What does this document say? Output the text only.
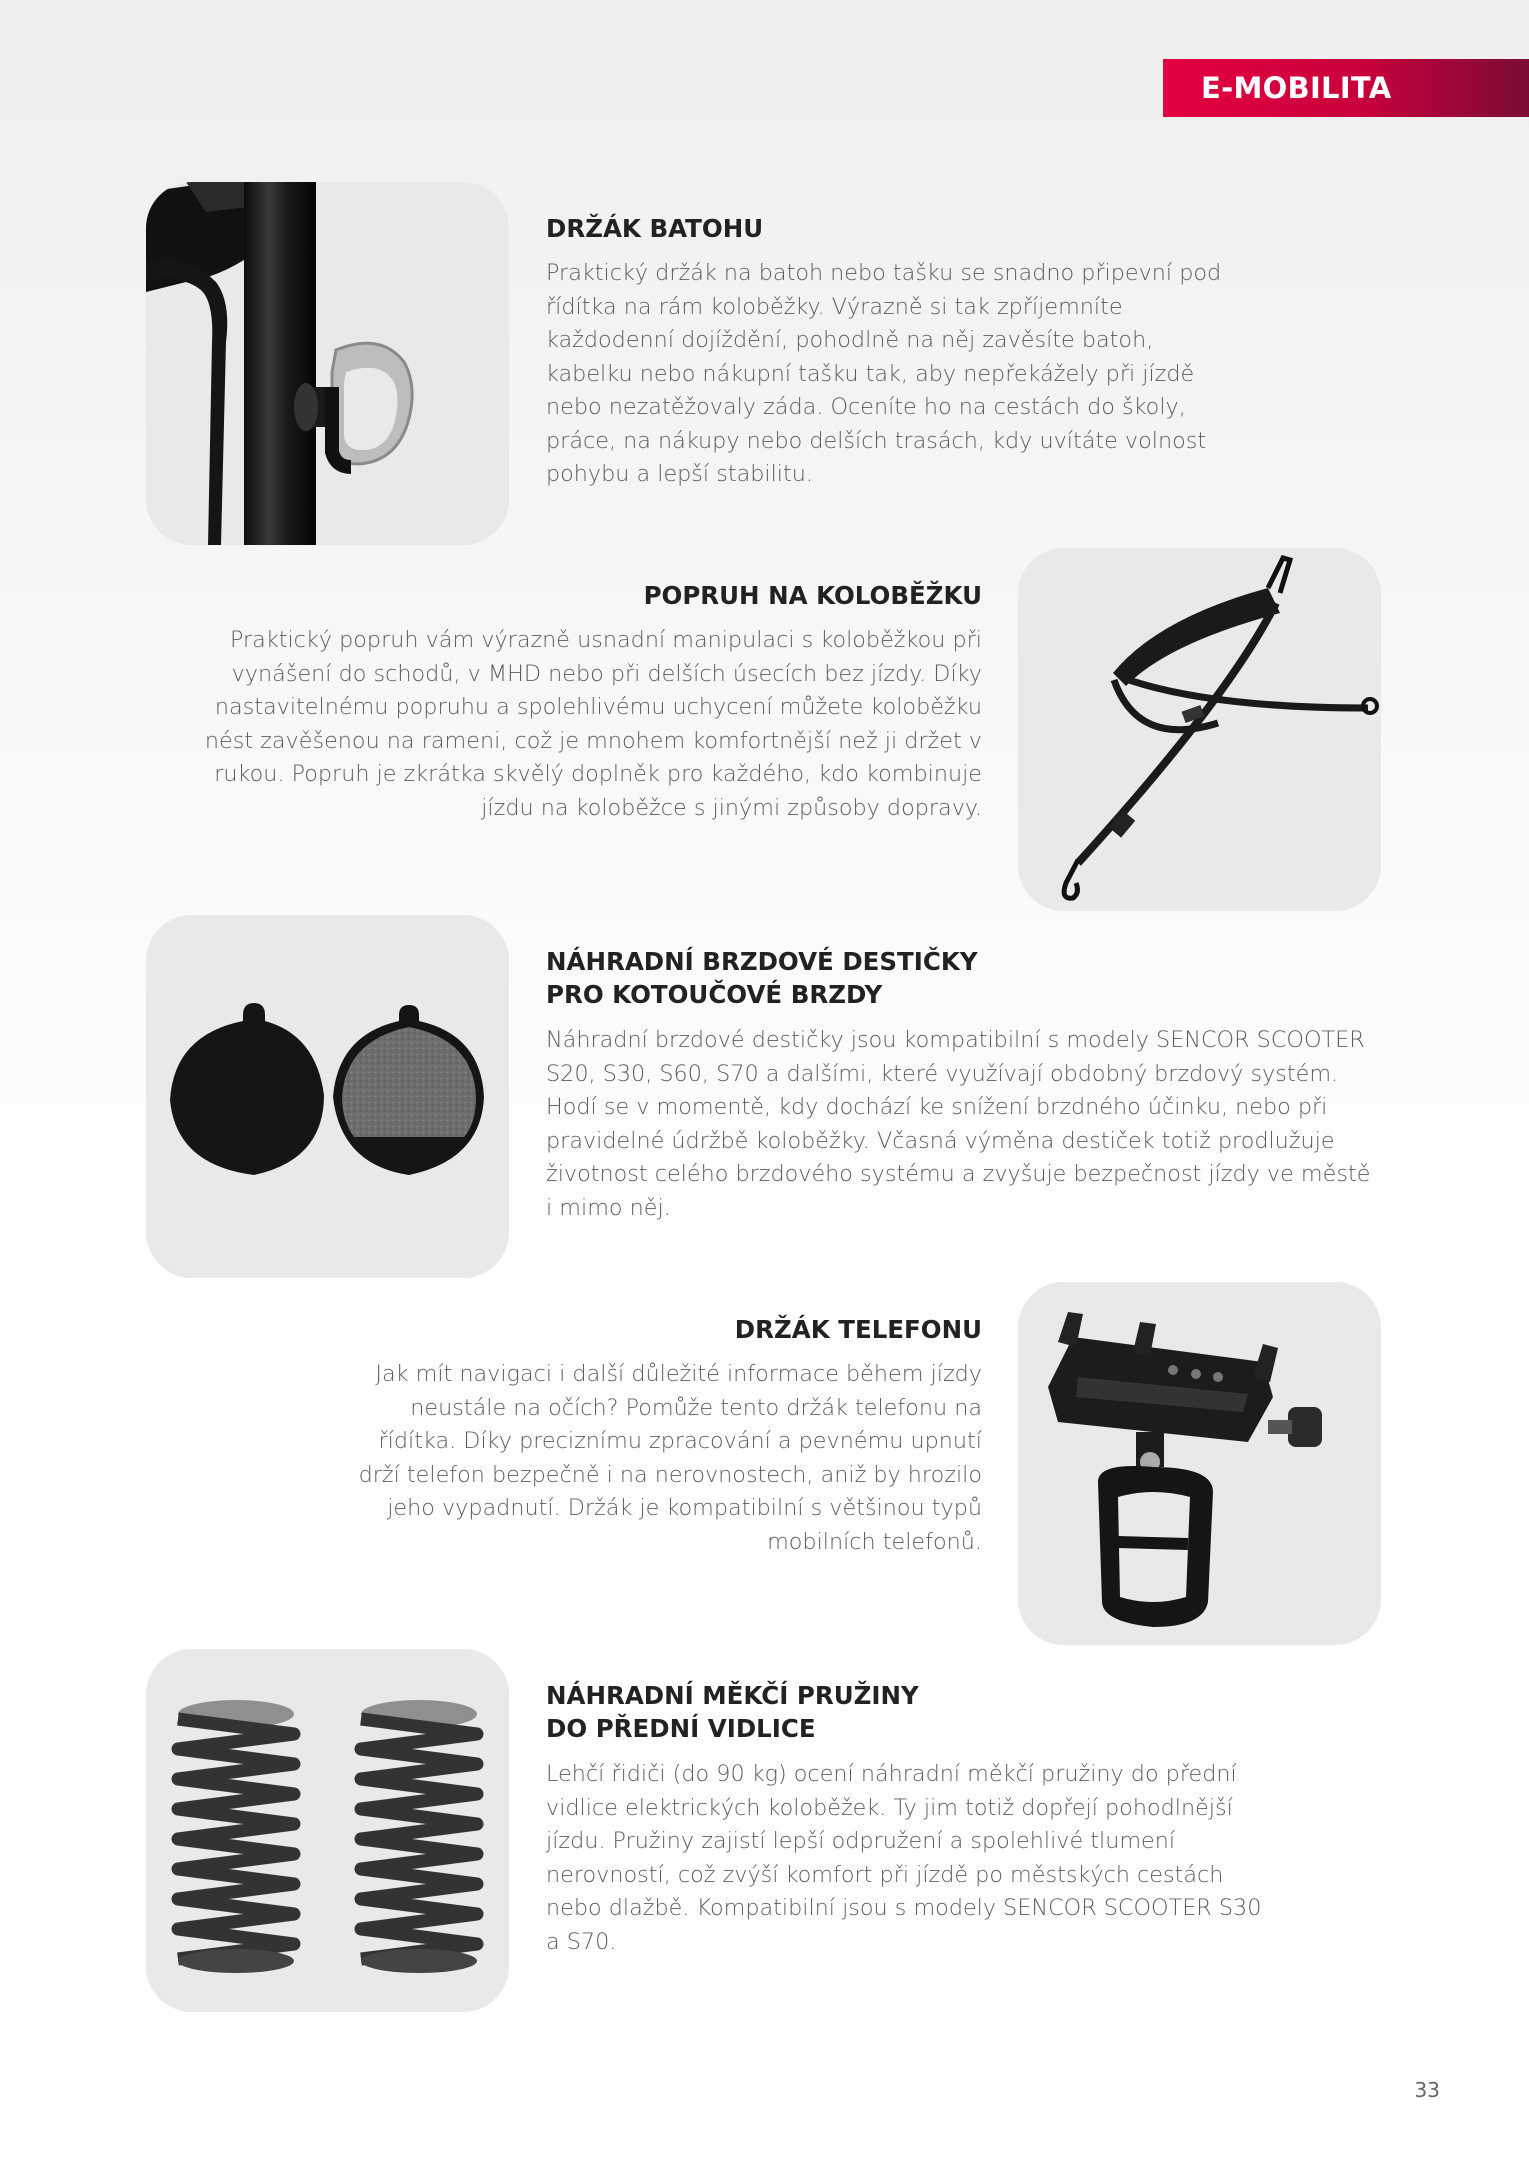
E-MOBILITA

DRŽÁK BATOHU

Praktický držák na batoh nebo tašku se snadno připevní pod řídítka na rám koloběžky. Výrazně si tak zpříjemníte každodenní dojíždění, pohodlně na něj zavěsíte batoh, kabelku nebo nákupní tašku tak, aby nepřekážely při jízdě nebo nezatěžovaly záda. Oceníte ho na cestách do školy, práce, na nákupy nebo delších trasách, kdy uvítáte volnost pohybu a lepší stabilitu.

POPRUH NA KOLOBĚŽKU

Praktický popruh vám výrazně usnadní manipulaci s koloběžkou při vynášení do schodů, v MHD nebo při delších úsecích bez jízdy. Díky nastavitelnému popruhu a spolehlivému uchycení můžete koloběžku nést zavěšenou na rameni, což je mnohem komfortnější než ji držet v rukou. Popruh je zkrátka skvělý doplněk pro každého, kdo kombinuje jízdu na koloběžce s jinými způsoby dopravy.

NÁHRADNÍ BRZDOVÉ DESTIČKY

PRO KOTOUČOVÉ BRZDY

Náhradní brzdové destičky jsou kompatibilní s modely SENCOR SCOOTER S20, S30, S60, S70 a dalšími, které využívají obdobný brzdový systém. Hodí se v momentě, kdy dochází ke snížení brzdného účinku, nebo při pravidelné údržbě koloběžky. Včasná výměna destiček totiž prodlužuje životnost celého brzdového systému a zvyšuje bezpečnost jízdy ve městě i mimo něj.

DRŽÁK TELEFONU

Jak mít navigaci i další důležité informace během jízdy neustále na očích? Pomůže tento držák telefonu na řídítka. Díky preciznímu zpracování a pevnému upnutí drží telefon bezpečně i na nerovnostech, aniž by hrozilo jeho vypadnutí. Držák je kompatibilní s většinou typů mobilních telefonů.

NÁHRADNÍ MĚKČÍ PRUŽINY

DO PŘEDNÍ VIDLICE

Lehčí řidiči (do 90 kg) ocení náhradní měkčí pružiny do přední vidlice elektrických koloběžek. Ty jim totiž dopřejí pohodlnější jízdu. Pružiny zajistí lepší odpružení a spolehlivé tlumení nerovností, což zvýší komfort při jízdě po městských cestách nebo dlažbě. Kompatibilní jsou s modely SENCOR SCOOTER S30 a S70.

33
